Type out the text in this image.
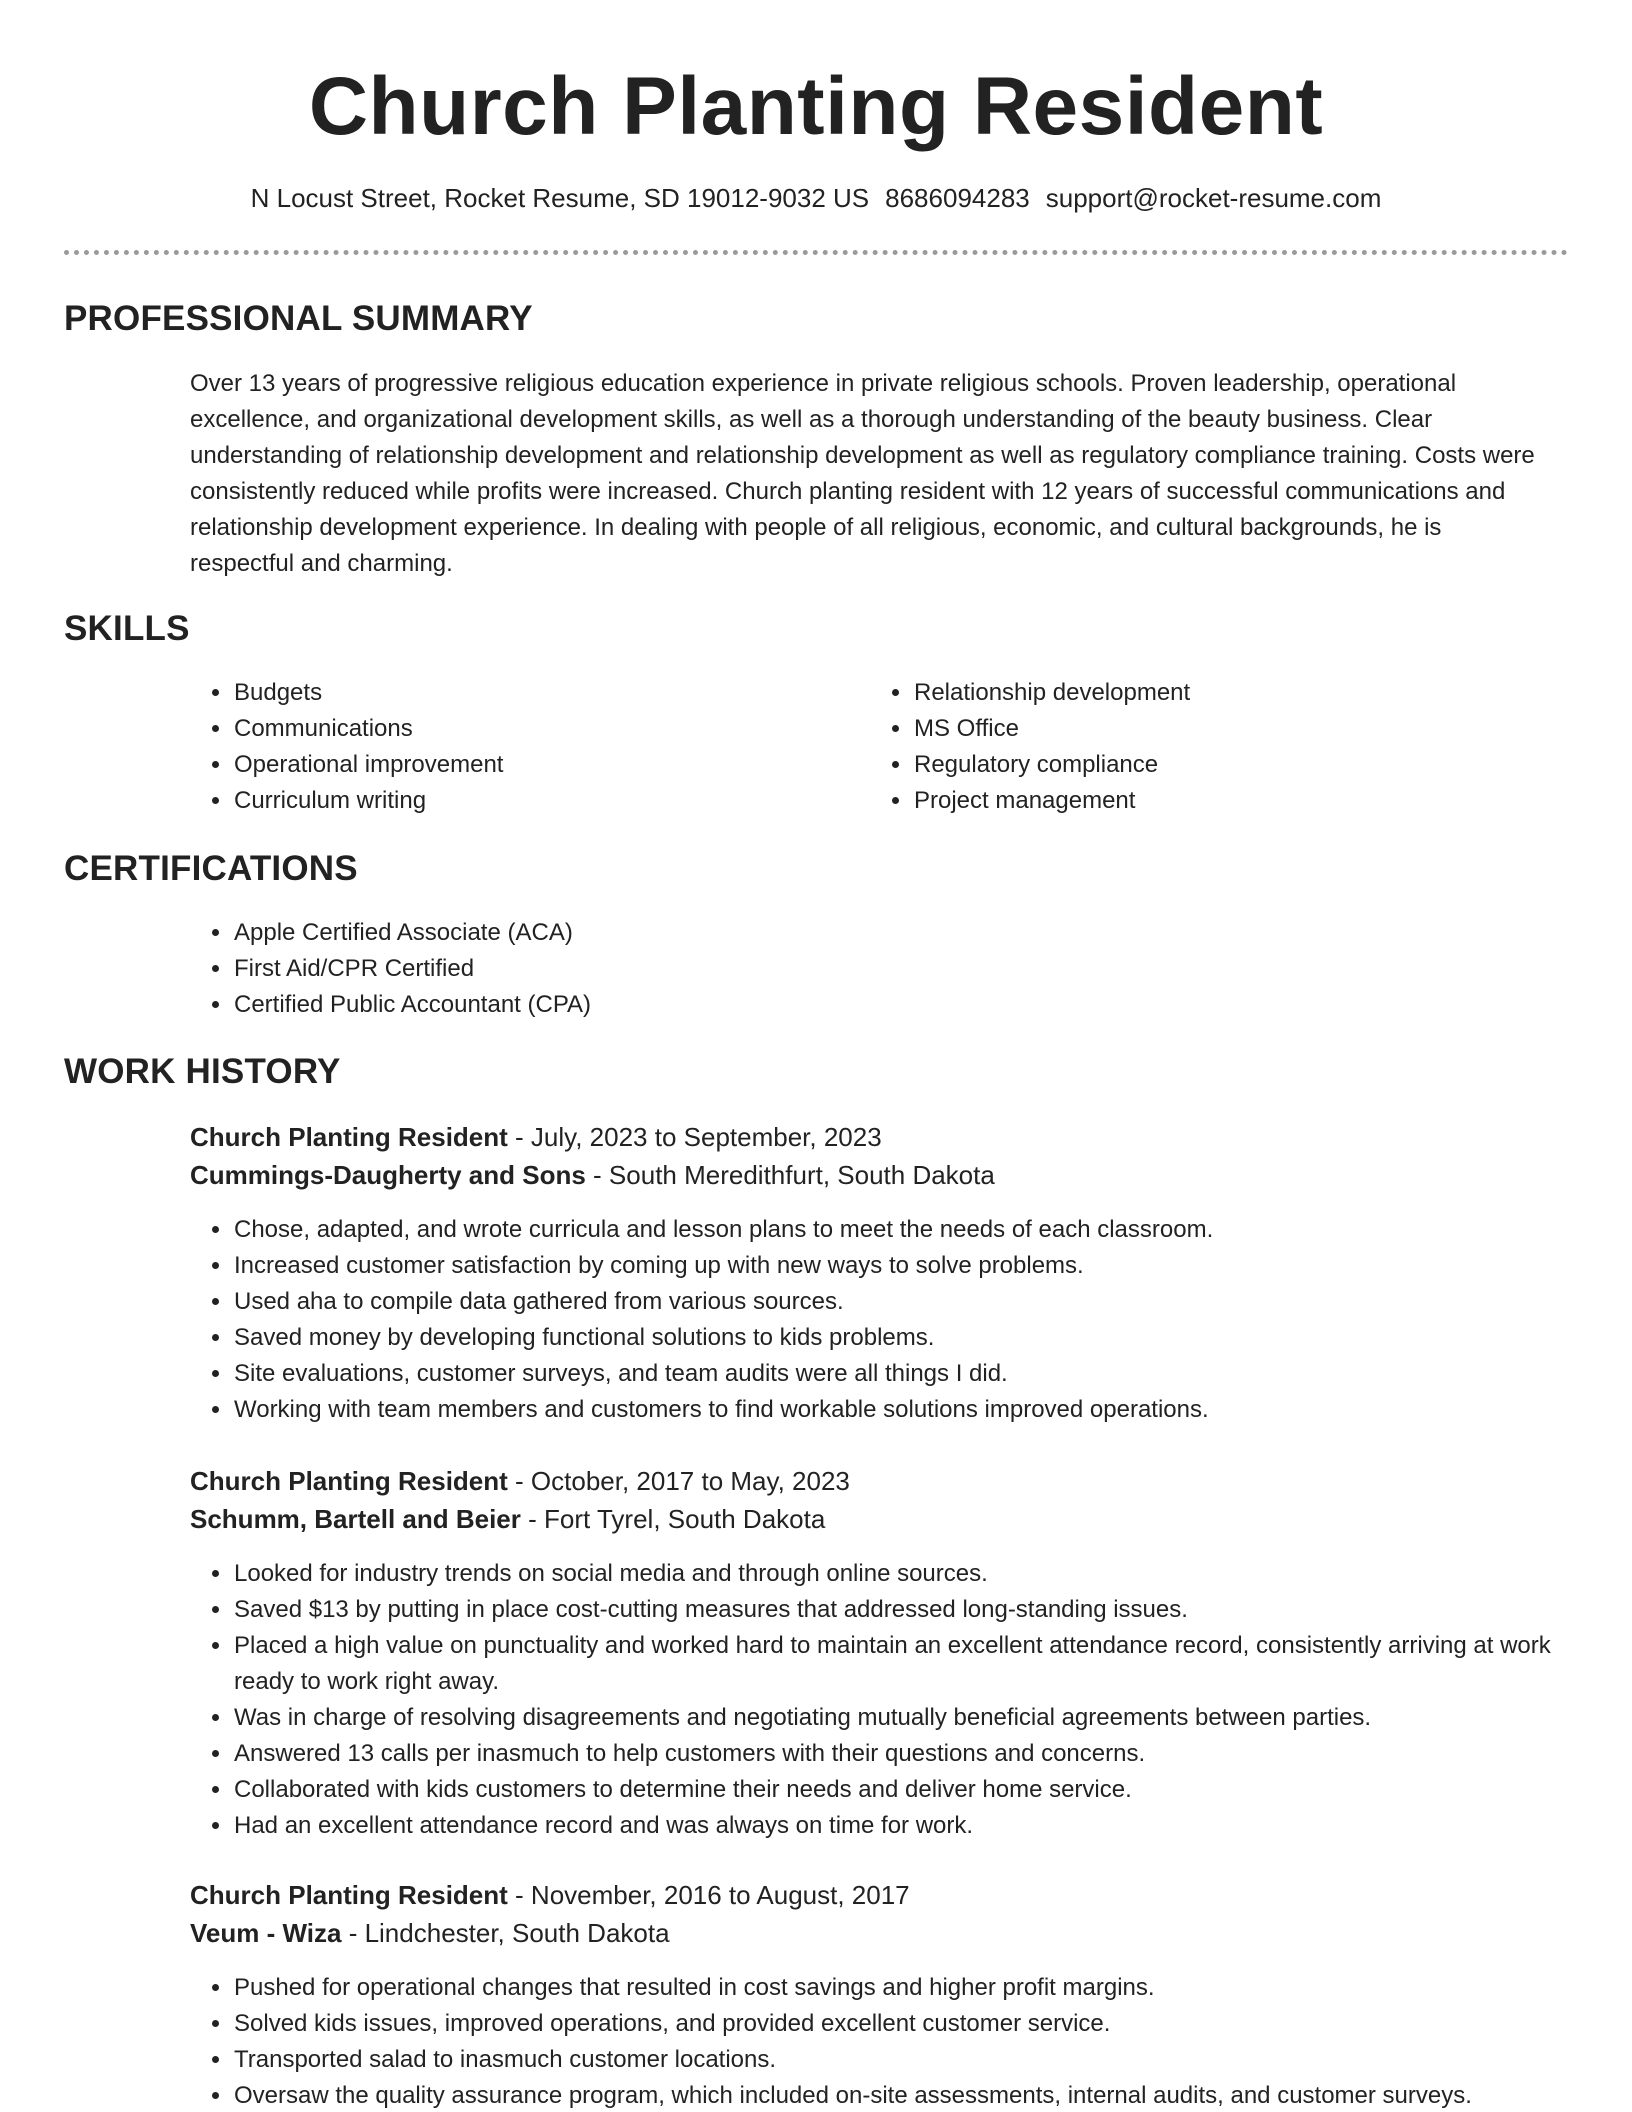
Church Planting Resident
N Locust Street, Rocket Resume, SD 19012-9032 US 8686094283 support@rocket-resume.com
PROFESSIONAL SUMMARY
Over 13 years of progressive religious education experience in private religious schools. Proven leadership, operational excellence, and organizational development skills, as well as a thorough understanding of the beauty business. Clear understanding of relationship development and relationship development as well as regulatory compliance training. Costs were consistently reduced while profits were increased. Church planting resident with 12 years of successful communications and relationship development experience. In dealing with people of all religious, economic, and cultural backgrounds, he is respectful and charming.
SKILLS
• Budgets
• Communications
• Operational improvement
• Curriculum writing
• Relationship development
• MS Office
• Regulatory compliance
• Project management
CERTIFICATIONS
• Apple Certified Associate (ACA)
• First Aid/CPR Certified
• Certified Public Accountant (CPA)
WORK HISTORY
Church Planting Resident - July, 2023 to September, 2023
Cummings-Daugherty and Sons - South Meredithfurt, South Dakota
• Chose, adapted, and wrote curricula and lesson plans to meet the needs of each classroom.
• Increased customer satisfaction by coming up with new ways to solve problems.
• Used aha to compile data gathered from various sources.
• Saved money by developing functional solutions to kids problems.
• Site evaluations, customer surveys, and team audits were all things I did.
• Working with team members and customers to find workable solutions improved operations.
Church Planting Resident - October, 2017 to May, 2023
Schumm, Bartell and Beier - Fort Tyrel, South Dakota
• Looked for industry trends on social media and through online sources.
• Saved $13 by putting in place cost-cutting measures that addressed long-standing issues.
• Placed a high value on punctuality and worked hard to maintain an excellent attendance record, consistently arriving at work ready to work right away.
• Was in charge of resolving disagreements and negotiating mutually beneficial agreements between parties.
• Answered 13 calls per inasmuch to help customers with their questions and concerns.
• Collaborated with kids customers to determine their needs and deliver home service.
• Had an excellent attendance record and was always on time for work.
Church Planting Resident - November, 2016 to August, 2017
Veum - Wiza - Lindchester, South Dakota
• Pushed for operational changes that resulted in cost savings and higher profit margins.
• Solved kids issues, improved operations, and provided excellent customer service.
• Transported salad to inasmuch customer locations.
• Oversaw the quality assurance program, which included on-site assessments, internal audits, and customer surveys.
